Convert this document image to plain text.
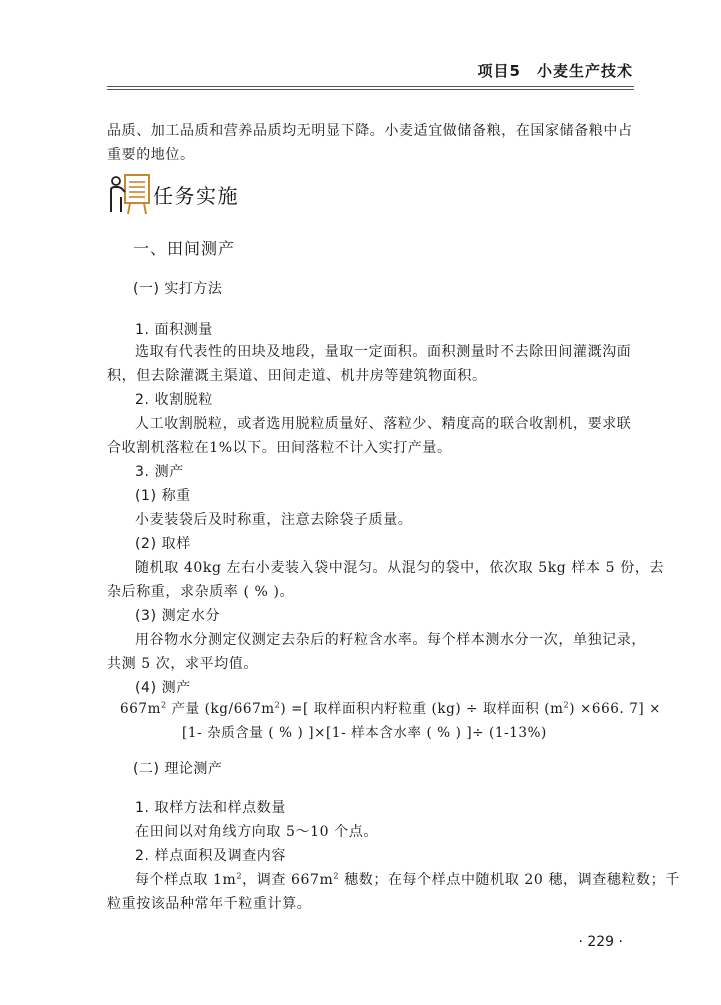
项目5　小麦生产技术
品质、加工品质和营养品质均无明显下降。小麦适宜做储备粮，在国家储备粮中占
重要的地位。
任务实施
一、田间测产
(一) 实打方法
1. 面积测量
选取有代表性的田块及地段，量取一定面积。面积测量时不去除田间灌溉沟面
积，但去除灌溉主渠道、田间走道、机井房等建筑物面积。
2. 收割脱粒
人工收割脱粒，或者选用脱粒质量好、落粒少、精度高的联合收割机，要求联
合收割机落粒在1%以下。田间落粒不计入实打产量。
3. 测产
(1) 称重
小麦装袋后及时称重，注意去除袋子质量。
(2) 取样
随机取 40kg 左右小麦装入袋中混匀。从混匀的袋中，依次取 5kg 样本 5 份，去
杂后称重，求杂质率 ( % )。
(3) 测定水分
用谷物水分测定仪测定去杂后的籽粒含水率。每个样本测水分一次，单独记录，
共测 5 次，求平均值。
(4) 测产
$667m^2$ 产量 $(kg/667m^2)$ =[ 取样面积内籽粒重 (kg) ÷ 取样面积 $(m^2) \times 666$. 7] ×
[1- 杂质含量 ( % ) ]×[1- 样本含水率 ( % ) ]÷ (1-13%)
(二) 理论测产
1. 取样方法和样点数量
在田间以对角线方向取 5～10 个点。
2. 样点面积及调查内容
每个样点取 $1m^2$，调查 $667m^2$ 穗数；在每个样点中随机取 20 穗，调查穗粒数；千
粒重按该品种常年千粒重计算。
· 229 ·
